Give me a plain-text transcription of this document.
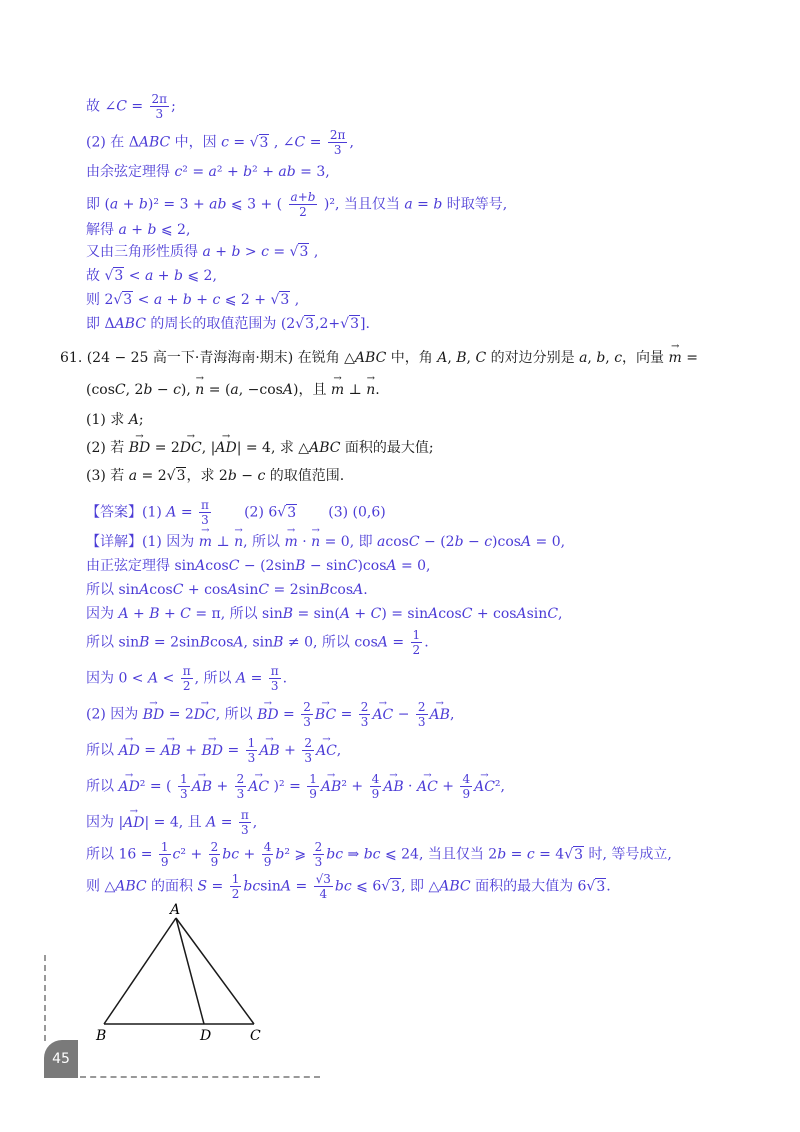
故 ∠C = $\frac{2\pi}{3}$ ;
(2) 在 ΔABC 中，因 c = √3 , ∠C = $\frac{2\pi}{3}$ ,
由余弦定理得 c² = a² + b² + ab = 3,
即 (a + b)² = 3 + ab ⩽ 3 + ( $\frac{a+b}{2} )^2$, 当且仅当 a = b 时取等号,
解得 a + b ⩽ 2,
又由三角形性质得 a + b > c = √3 ,
故 √3 < a + b ⩽ 2,
则 2√3 < a + b + c ⩽ 2 + √3 ,
即 ΔABC 的周长的取值范围为 (2√3,2+√3].
61. (24 − 25 高一下·青海海南·期末) 在锐角 △ABC 中，角 A, B, C 的对边分别是 a, b, c，向量 → m =
(cosC, 2b − c), → n = (a, −cosA)，且 → m ⊥ → n.
(1) 求 A;
(2) 若 → BD = 2→ DC, |→ AD| = 4, 求 △ABC 面积的最大值;
(3) 若 a = 2√3，求 2b − c 的取值范围.
【答案】(1) $A = \frac{\pi}{3} (2)$ 6√3       (3) (0,6)
【详解】(1) 因为 → m ⊥ → n, 所以 → m · → n = 0, 即 acosC − (2b − c)cosA = 0,
由正弦定理得 sinAcosC − (2sinB − sinC)cosA = 0,
所以 sinAcosC + cosAsinC = 2sinBcosA.
因为 A + B + C = π, 所以 sinB = sin(A + C) = sinAcosC + cosAsinC,
所以 sinB = 2sinBcosA, sinB ≠ 0, 所以 $\cos A = \frac{1}{2}$ .
因为 $0 < A < \frac{\pi}{2}$ , 所以 $A = \frac{\pi}{3}$ .
(2) 因为 → BD = 2→ DC, 所以 → BD = $\frac{2}{3}$
→ BC = $\frac{2}{3}$
→ AC − $\frac{2}{3}$
→ AB,
所以 → AD = → AB + → BD = $\frac{1}{3}$
→ AB + $\frac{2}{3}$
→ AC,
所以 → AD² = ( $\frac{1}{3}$
→ AB + $\frac{2}{3}$
→ AC )$^2 = \frac{1}{9}$
→ $AB^2 + \frac{4}{9}$
→ AB · → AC + $\frac{4}{9}$
→ AC²,
因为 |→ AD| = 4, 且 $A = \frac{\pi}{3}$ ,
所以 $16 = \frac{1}{9} c^2 + \frac{2}{9}$ bc + $\frac{4}{9} b^2$ ⩾ $\frac{2}{3}$ bc ⇒ bc ⩽ 24, 当且仅当 2b = c = 4√3 时, 等号成立,
则 △ABC 的面积 $S = \frac{1}{2}$ $bcsinA = \frac{√3}{4}$ bc ⩽ 6√3, 即 △ABC 面积的最大值为 6√3.
A
B	D	C
45
